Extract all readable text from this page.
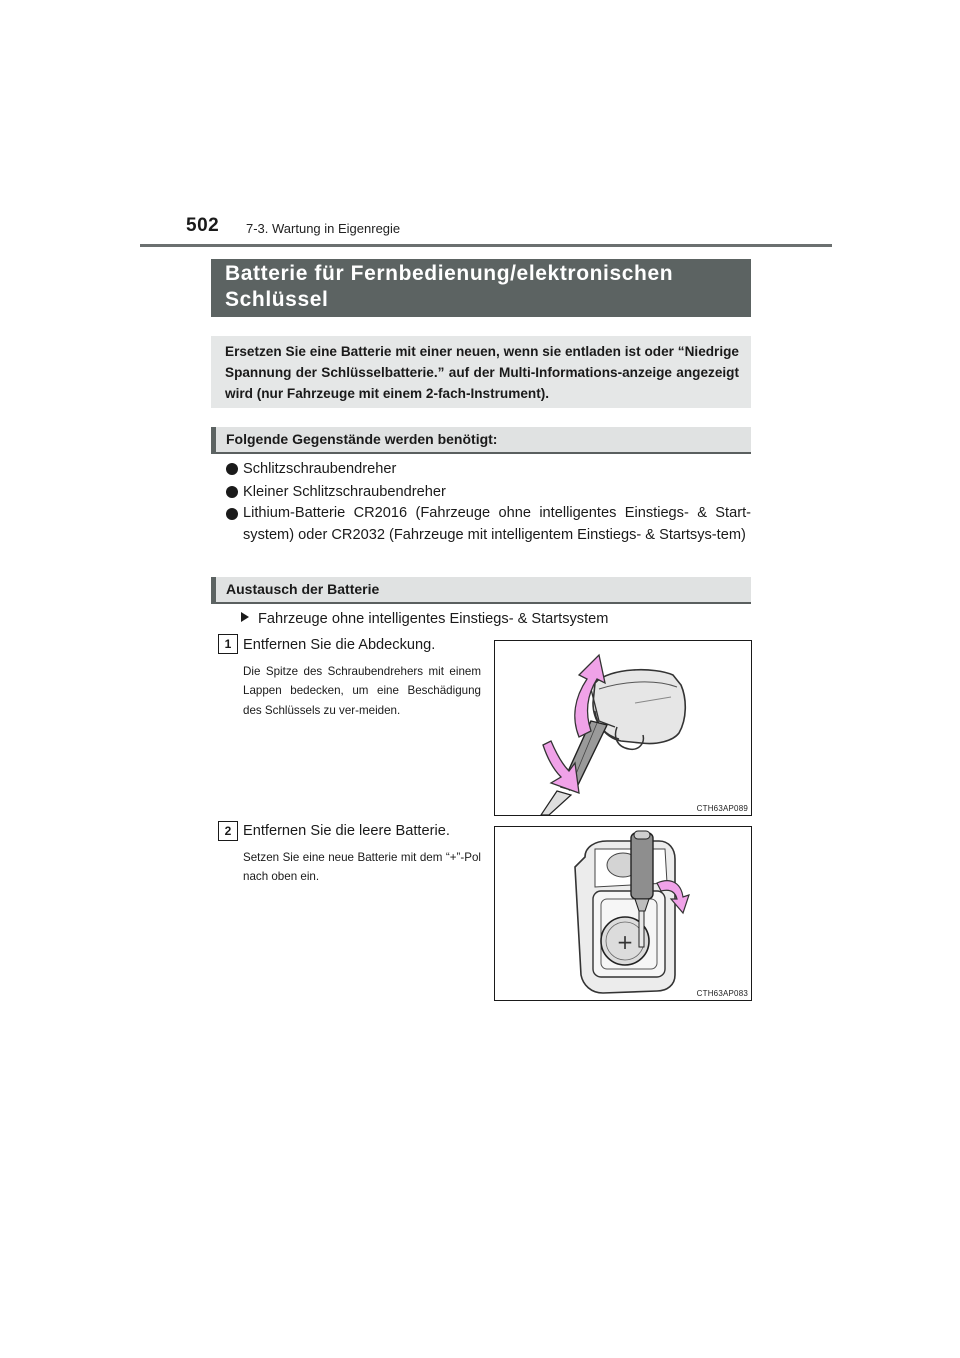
502 7-3. Wartung in Eigenregie
Batterie für Fernbedienung/elektronischen Schlüssel
Ersetzen Sie eine Batterie mit einer neuen, wenn sie entladen ist oder “Niedrige Spannung der Schlüsselbatterie.” auf der Multi-Informations-anzeige angezeigt wird (nur Fahrzeuge mit einem 2-fach-Instrument).
Folgende Gegenstände werden benötigt:
Schlitzschraubendreher
Kleiner Schlitzschraubendreher
Lithium-Batterie CR2016 (Fahrzeuge ohne intelligentes Einstiegs- & Start-system) oder CR2032 (Fahrzeuge mit intelligentem Einstiegs- & Startsys-tem)
Austausch der Batterie
Fahrzeuge ohne intelligentes Einstiegs- & Startsystem
1 Entfernen Sie die Abdeckung.
Die Spitze des Schraubendrehers mit einem Lappen bedecken, um eine Beschädigung des Schlüssels zu ver-meiden.
CTH63AP089
2 Entfernen Sie die leere Batterie.
Setzen Sie eine neue Batterie mit dem “+”-Pol nach oben ein.
+
CTH63AP083
